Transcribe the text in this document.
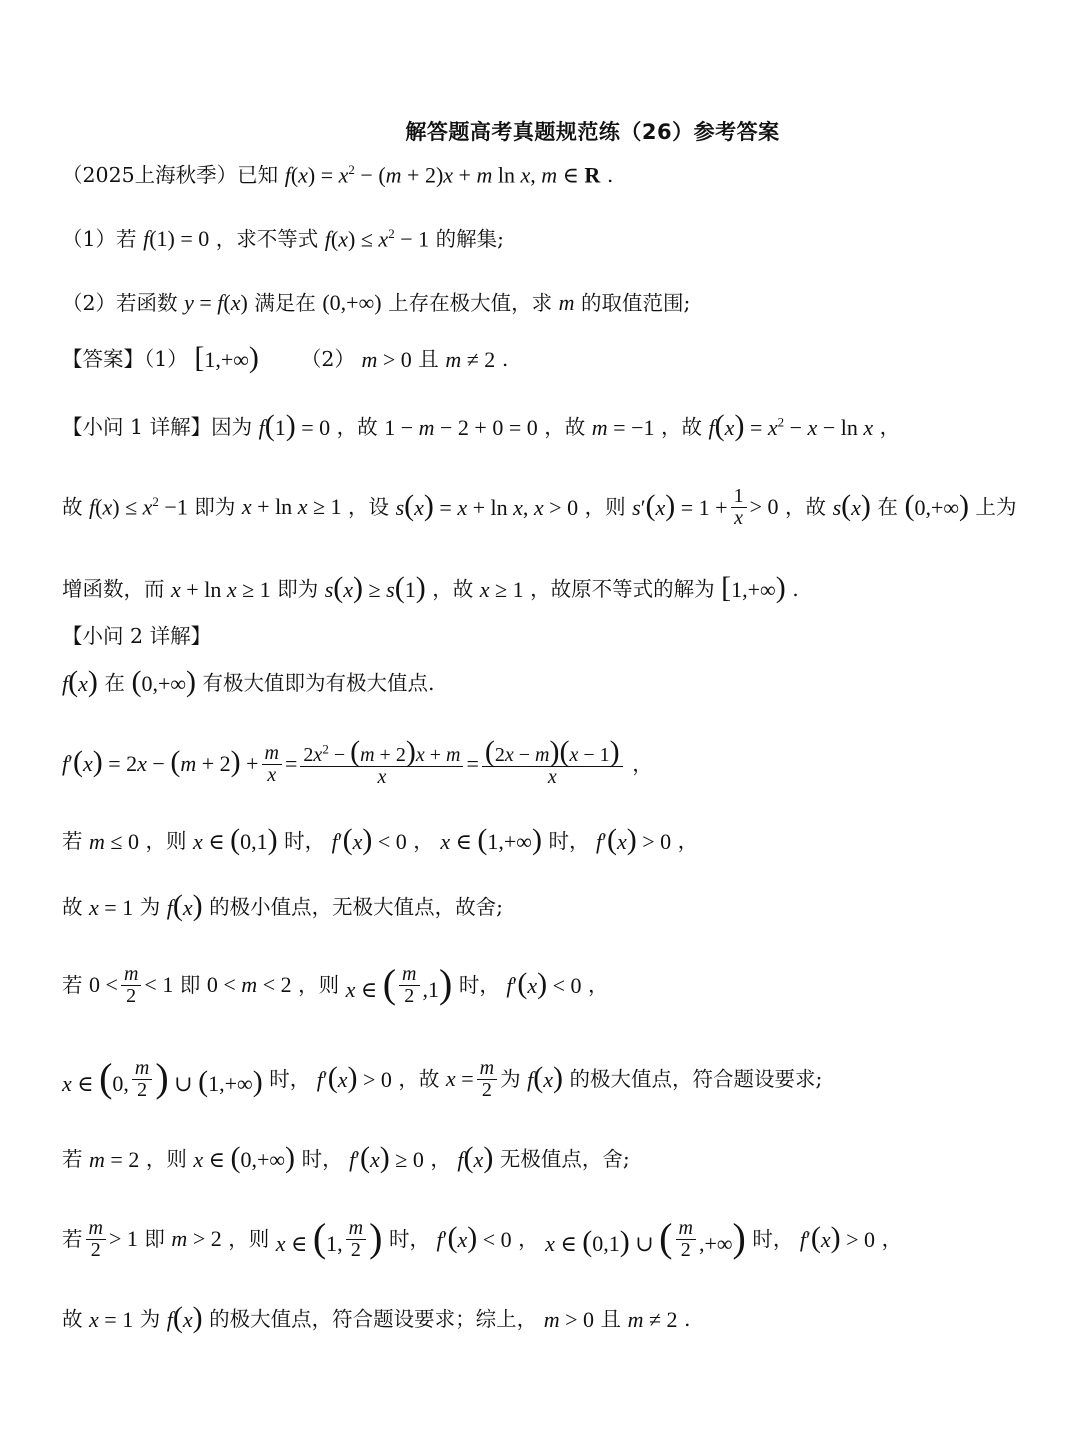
解答题高考真题规范练（26）参考答案
（2025上海秋季）已知 $f(x) = x^2 - (m + 2)x + m$ ln x, m ∈ R .
（1）若 f(1) = 0 ，求不等式 $f(x) \le x^2 - 1$ 的解集;
（2）若函数 y = f(x) 满足在 (0,+∞) 上存在极大值，求 m 的取值范围;
【答案】（1） [1,+∞) （2） m > 0 且 m ≠ 2 .
【小问 1 详解】因为 f(1) = 0 ，故 1 − m − 2 + 0 = 0 ，故 m = −1 ，故 $f(x) = x^2 - x - \ln x$ ，
故 $f(x) \le x^2 -1$ 即为 x + ln x ≥ 1 ，设 s(x) = x + ln x, x > 0 ，则 $s'(x) = 1 + \frac{1}{x} > 0$ ，故 s(x) 在 (0,+∞) 上为
增函数，而 x + ln x ≥ 1 即为 s(x) ≥ s(1) ，故 x ≥ 1 ，故原不等式的解为 [1,+∞) .
【小问 2 详解】
f(x) 在 (0,+∞) 有极大值即为有极大值点.
$f'(x) = 2x - (m + 2) + \frac{m}{x} = \frac{2x^2 - (m + 2)x + m}{x} = \frac{(2x - m)(x - 1)}{x}$ ，
若 m ≤ 0 ，则 x ∈ (0,1) 时， f′(x) < 0 ， x ∈ (1,+∞) 时， f′(x) > 0 ，
故 x = 1 为 f(x) 的极小值点，无极大值点，故舍;
若 $0 < \frac{m}{2} < 1$ 即 0 < m < 2 ，则 x ∈ ( $\frac{m}{2} ,1$) 时， f′(x) < 0 ，
x ∈ (0, $\frac{m}{2}$ ) ∪ (1,+∞) 时， f′(x) > 0 ，故 $x = \frac{m}{2}$ 为 f(x) 的极大值点，符合题设要求;
若 m = 2 ，则 x ∈ (0,+∞) 时， f′(x) ≥ 0 ， f(x) 无极值点，舍;
若 $\frac{m}{2} > 1$ 即 m > 2 ，则 x ∈ (1, $\frac{m}{2}$ ) 时， f′(x) < 0 ， x ∈ (0,1) ∪ ( $\frac{m}{2}$ ,+∞) 时， f′(x) > 0 ，
故 x = 1 为 f(x) 的极大值点，符合题设要求；综上， m > 0 且 m ≠ 2 .
